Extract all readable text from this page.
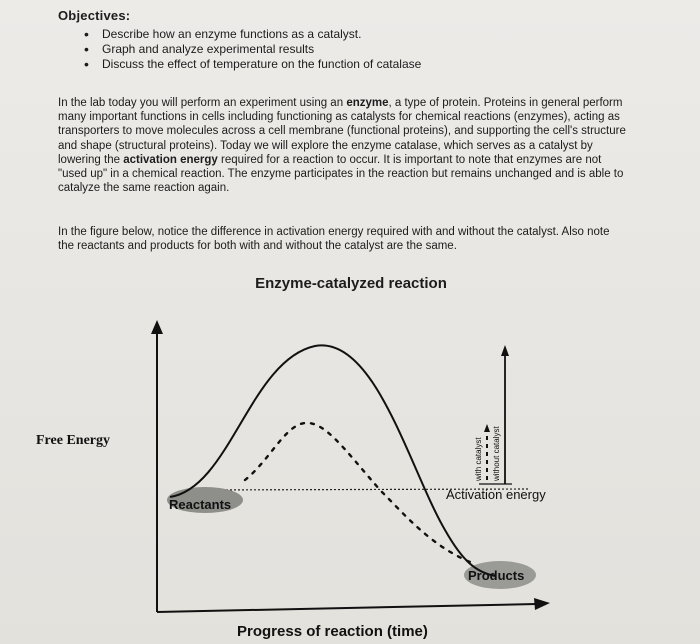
Objectives:

• Describe how an enzyme functions as a catalyst.
• Graph and analyze experimental results
• Discuss the effect of temperature on the function of catalase

In the lab today you will perform an experiment using an enzyme, a type of protein. Proteins in general perform many important functions in cells including functioning as catalysts for chemical reactions (enzymes), acting as transporters to move molecules across a cell membrane (functional proteins), and supporting the cell's structure and shape (structural proteins). Today we will explore the enzyme catalase, which serves as a catalyst by lowering the activation energy required for a reaction to occur. It is important to note that enzymes are not "used up" in a chemical reaction. The enzyme participates in the reaction but remains unchanged and is able to catalyze the same reaction again.

In the figure below, notice the difference in activation energy required with and without the catalyst. Also note the reactants and products for both with and without the catalyst are the same.

Enzyme-catalyzed reaction

with catalyst without catalyst
Free Energy
Reactants
Products
Activation energy
Progress of reaction (time)
